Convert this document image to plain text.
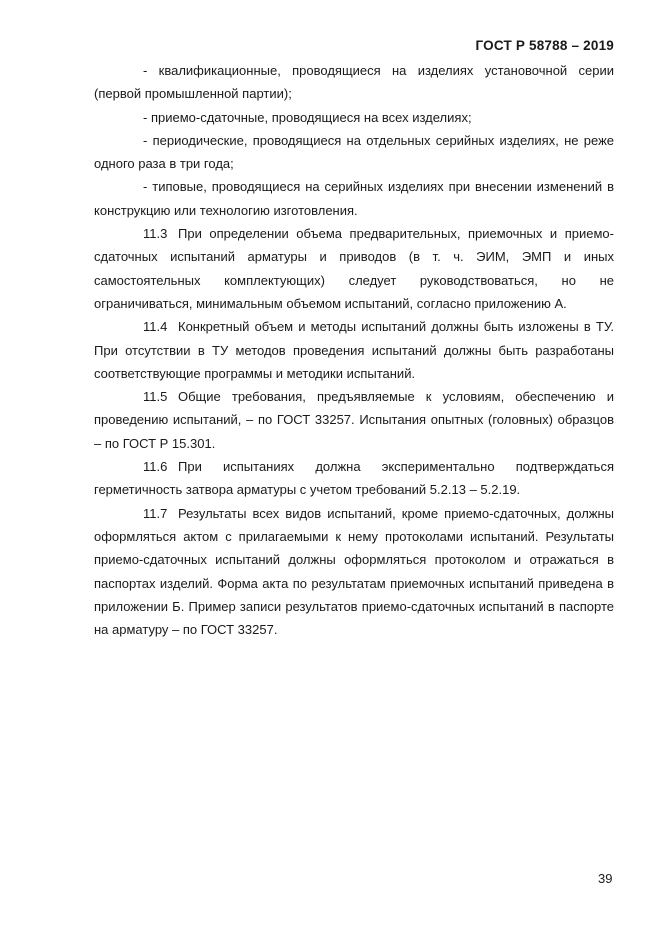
ГОСТ Р 58788 – 2019

- квалификационные, проводящиеся на изделиях установочной серии (первой промышленной партии);

- приемо-сдаточные, проводящиеся на всех изделиях;

- периодические, проводящиеся на отдельных серийных изделиях, не реже одного раза в три года;

- типовые, проводящиеся на серийных изделиях при внесении изменений в конструкцию или технологию изготовления.

11.3 При определении объема предварительных, приемочных и приемо-сдаточных испытаний арматуры и приводов (в т. ч. ЭИМ, ЭМП и иных самостоятельных комплектующих) следует руководствоваться, но не ограничиваться, минимальным объемом испытаний, согласно приложению А.

11.4 Конкретный объем и методы испытаний должны быть изложены в ТУ. При отсутствии в ТУ методов проведения испытаний должны быть разработаны соответствующие программы и методики испытаний.

11.5 Общие требования, предъявляемые к условиям, обеспечению и проведению испытаний, – по ГОСТ 33257. Испытания опытных (головных) образцов – по ГОСТ Р 15.301.

11.6 При испытаниях должна экспериментально подтверждаться герметичность затвора арматуры с учетом требований 5.2.13 – 5.2.19.

11.7 Результаты всех видов испытаний, кроме приемо-сдаточных, должны оформляться актом с прилагаемыми к нему протоколами испытаний. Результаты приемо-сдаточных испытаний должны оформляться протоколом и отражаться в паспортах изделий. Форма акта по результатам приемочных испытаний приведена в приложении Б. Пример записи результатов приемо-сдаточных испытаний в паспорте на арматуру – по ГОСТ 33257.

39
